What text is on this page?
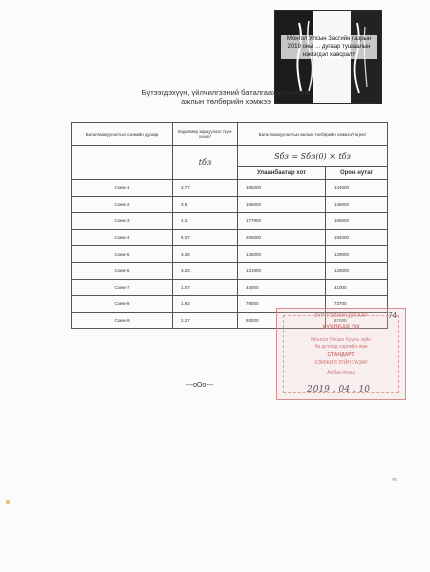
Монгол Улсын Засгийн газрын
2019 оны ... дугаар тушаалын
нэмэгдэл хавсралт
Бүтээгдэхүүн, үйлчилгээний баталгаажуулалтын
ажлын төлбөрийн хэмжээ
Баталгаажуулалтын схемийн дугаар	Хөдөлмөр зарцуулалт /хүн-хоног/	Баталгаажуулалтын ажлын төлбөрийн хэмжээ/төгрөг/	
	tбз	Sбз = Sбз(0) × tбз	
		Улаанбаатар хот	Орон нутаг
Схем-1	3.77	185000	144000
Схем-2	3.8	186000	146000
Схем-3	4.3	177900	165000
Схем-4	5.07	205000	194000
Схем-5	3.36	135000	129000
Схем-6	3.33	131900	128000
Схем-7	1.07	44000	41000
Схем-8	1.92	79000	73700
Схем-9	2.27	93000	87000
---oOo---
74
БҮРТГЭЛИЙН ДУГААР
ХУУЛБАР ЭХ
Монгол Улсын Хууль зүйн
ба дотоод хэргийн яам
СТАНДАРТ
ХЭМЖИЛ ЗҮЙН ГАЗАР
Албан ёсны
2019 . 04 . 10
ꟹ
